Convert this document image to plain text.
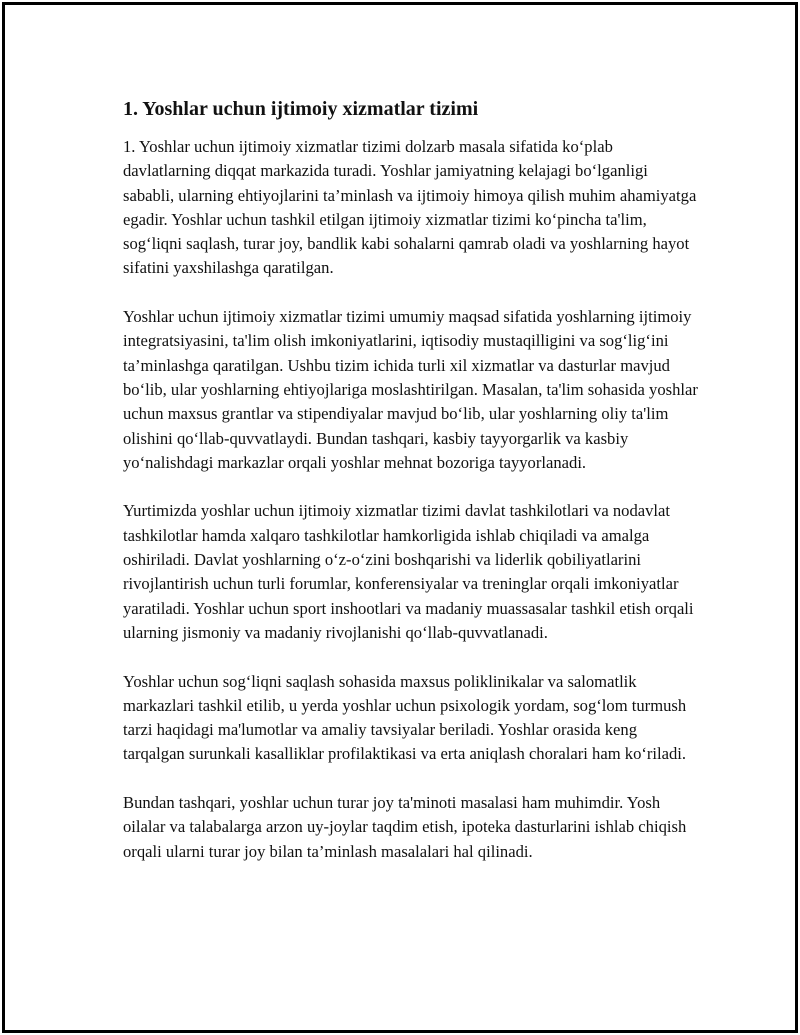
1. Yoshlar uchun ijtimoiy xizmatlar tizimi

1. Yoshlar uchun ijtimoiy xizmatlar tizimi dolzarb masala sifatida ko‘plab davlatlarning diqqat markazida turadi. Yoshlar jamiyatning kelajagi bo‘lganligi sababli, ularning ehtiyojlarini ta’minlash va ijtimoiy himoya qilish muhim ahamiyatga egadir. Yoshlar uchun tashkil etilgan ijtimoiy xizmatlar tizimi ko‘pincha ta'lim, sog‘liqni saqlash, turar joy, bandlik kabi sohalarni qamrab oladi va yoshlarning hayot sifatini yaxshilashga qaratilgan.

Yoshlar uchun ijtimoiy xizmatlar tizimi umumiy maqsad sifatida yoshlarning ijtimoiy integratsiyasini, ta'lim olish imkoniyatlarini, iqtisodiy mustaqilligini va sog‘lig‘ini ta’minlashga qaratilgan. Ushbu tizim ichida turli xil xizmatlar va dasturlar mavjud bo‘lib, ular yoshlarning ehtiyojlariga moslashtirilgan. Masalan, ta'lim sohasida yoshlar uchun maxsus grantlar va stipendiyalar mavjud bo‘lib, ular yoshlarning oliy ta'lim olishini qo‘llab-quvvatlaydi. Bundan tashqari, kasbiy tayyorgarlik va kasbiy yo‘nalishdagi markazlar orqali yoshlar mehnat bozoriga tayyorlanadi.

Yurtimizda yoshlar uchun ijtimoiy xizmatlar tizimi davlat tashkilotlari va nodavlat tashkilotlar hamda xalqaro tashkilotlar hamkorligida ishlab chiqiladi va amalga oshiriladi. Davlat yoshlarning o‘z-o‘zini boshqarishi va liderlik qobiliyatlarini rivojlantirish uchun turli forumlar, konferensiyalar va treninglar orqali imkoniyatlar yaratiladi. Yoshlar uchun sport inshootlari va madaniy muassasalar tashkil etish orqali ularning jismoniy va madaniy rivojlanishi qo‘llab-quvvatlanadi.

Yoshlar uchun sog‘liqni saqlash sohasida maxsus poliklinikalar va salomatlik markazlari tashkil etilib, u yerda yoshlar uchun psixologik yordam, sog‘lom turmush tarzi haqidagi ma'lumotlar va amaliy tavsiyalar beriladi. Yoshlar orasida keng tarqalgan surunkali kasalliklar profilaktikasi va erta aniqlash choralari ham ko‘riladi.

Bundan tashqari, yoshlar uchun turar joy ta'minoti masalasi ham muhimdir. Yosh oilalar va talabalarga arzon uy-joylar taqdim etish, ipoteka dasturlarini ishlab chiqish orqali ularni turar joy bilan ta’minlash masalalari hal qilinadi.
